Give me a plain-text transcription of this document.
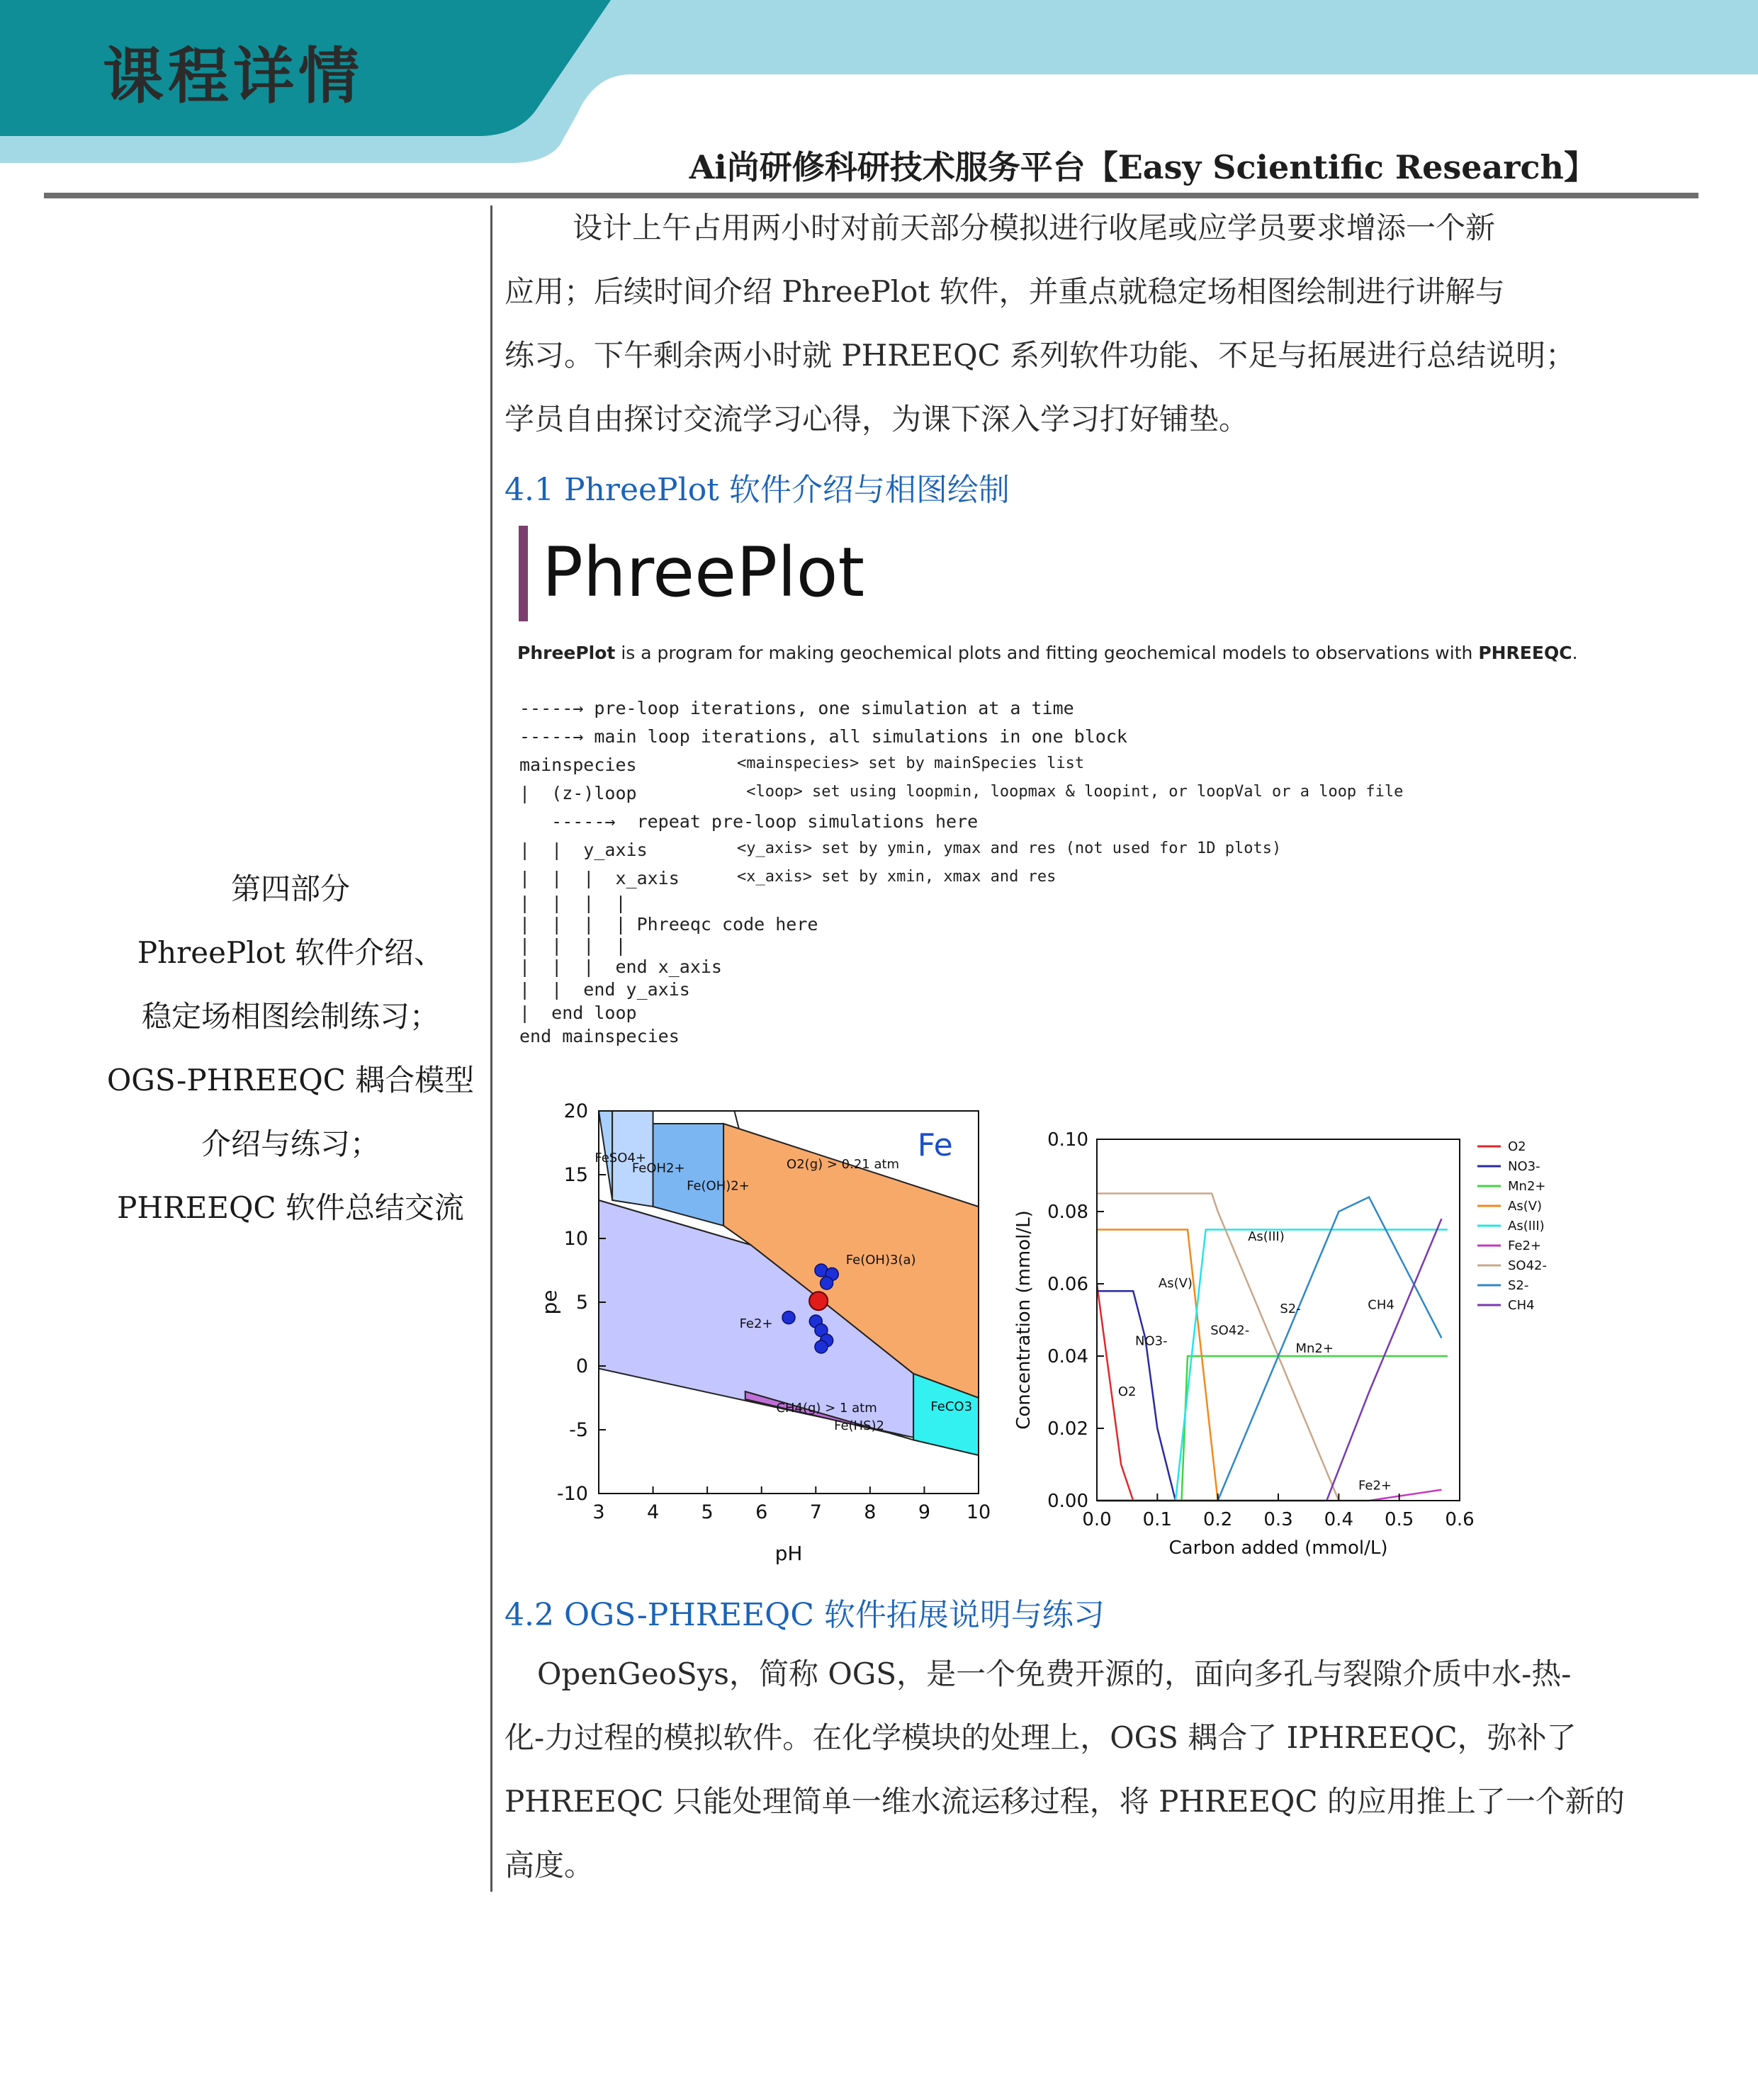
课程详情
Ai尚研修科研技术服务平台【Easy Scientific Research】
第四部分
PhreePlot 软件介绍、
稳定场相图绘制练习；
OGS-PHREEQC 耦合模型
介绍与练习；
PHREEQC 软件总结交流
设计上午占用两小时对前天部分模拟进行收尾或应学员要求增添一个新
应用；后续时间介绍 PhreePlot 软件，并重点就稳定场相图绘制进行讲解与
练习。下午剩余两小时就 PHREEQC 系列软件功能、不足与拓展进行总结说明；
学员自由探讨交流学习心得，为课下深入学习打好铺垫。
4.1 PhreePlot 软件介绍与相图绘制
4.2 OGS-PHREEQC 软件拓展说明与练习
OpenGeoSys，简称 OGS，是一个免费开源的，面向多孔与裂隙介质中水-热-
化-力过程的模拟软件。在化学模块的处理上，OGS 耦合了 IPHREEQC，弥补了
PHREEQC 只能处理简单一维水流运移过程，将 PHREEQC 的应用推上了一个新的
高度。
PhreePlot
PhreePlot is a program for making geochemical plots and fitting geochemical models to observations with PHREEQC.
-----→ pre-loop iterations, one simulation at a time
-----→ main loop iterations, all simulations in one block
mainspecies	<mainspecies> set by mainSpecies list
|  (z-)loop	<loop> set using loopmin, loopmax & loopint, or loopVal or a loop file
-----→  repeat pre-loop simulations here
|  |  y_axis	<y_axis> set by ymin, ymax and res (not used for 1D plots)
|  |  |  x_axis	<x_axis> set by xmin, xmax and res
|  |  |  |
|  |  |  | Phreeqc code here
|  |  |  |
|  |  |  end x_axis
|  |  end y_axis
|  end loop
end mainspecies
3 4 5 6 7 8 9 10
20
15
10
5
0
-5
-10
pH
pe
Fe
FeSO4+
FeOH2+
Fe(OH)2+
O2(g) > 0.21 atm
Fe(OH)3(a)
Fe2+
FeCO3
CH4(g) > 1 atm
Fe(HS)2
0.0 0.1 0.2 0.3 0.4 0.5 0.6
0.00
0.02
0.04
0.06
0.08
0.10
Carbon added (mmol/L)
Concentration (mmol/L)	As(III)
As(V)
NO3-
SO42-
S2-	CH4
Mn2+
O2
Fe2+
O2
NO3-
Mn2+
As(V)
As(III)
Fe2+
SO42-
S2-
CH4
